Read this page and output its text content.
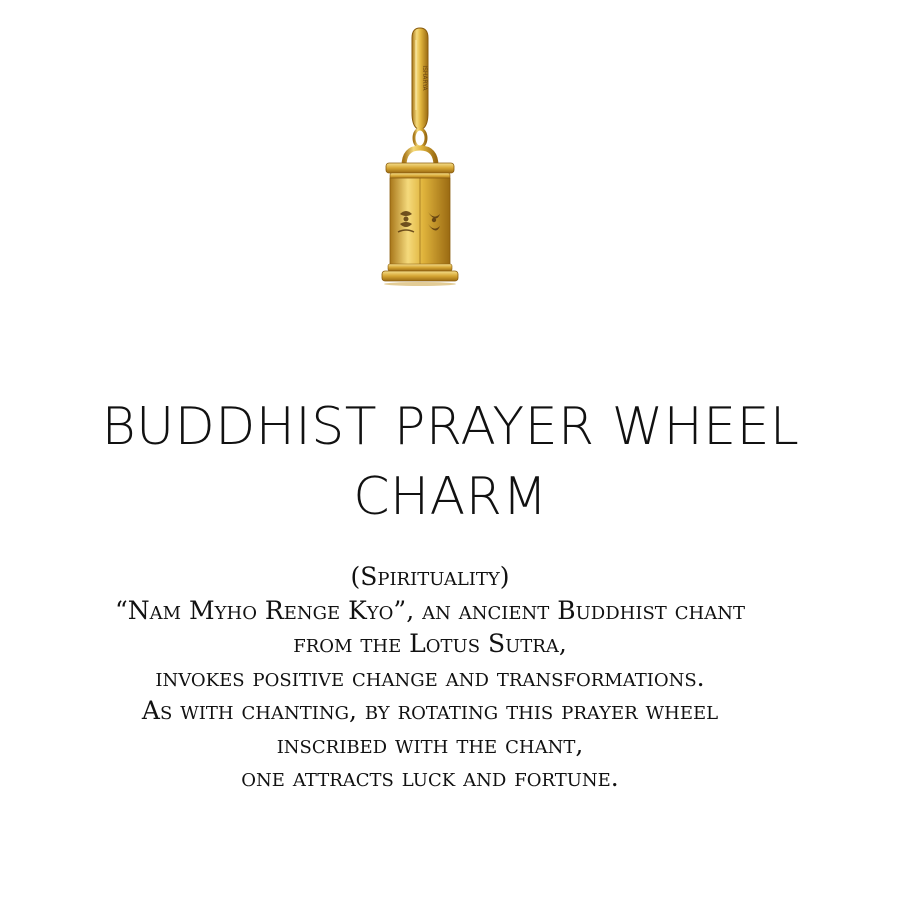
ISHARYA
BUDDHIST PRAYER WHEEL
CHARM
(Spirituality)
“Nam Myho Renge Kyo”, an ancient Buddhist chant
from the Lotus Sutra,
invokes positive change and transformations.
As with chanting, by rotating this prayer wheel
inscribed with the chant,
one attracts luck and fortune.
